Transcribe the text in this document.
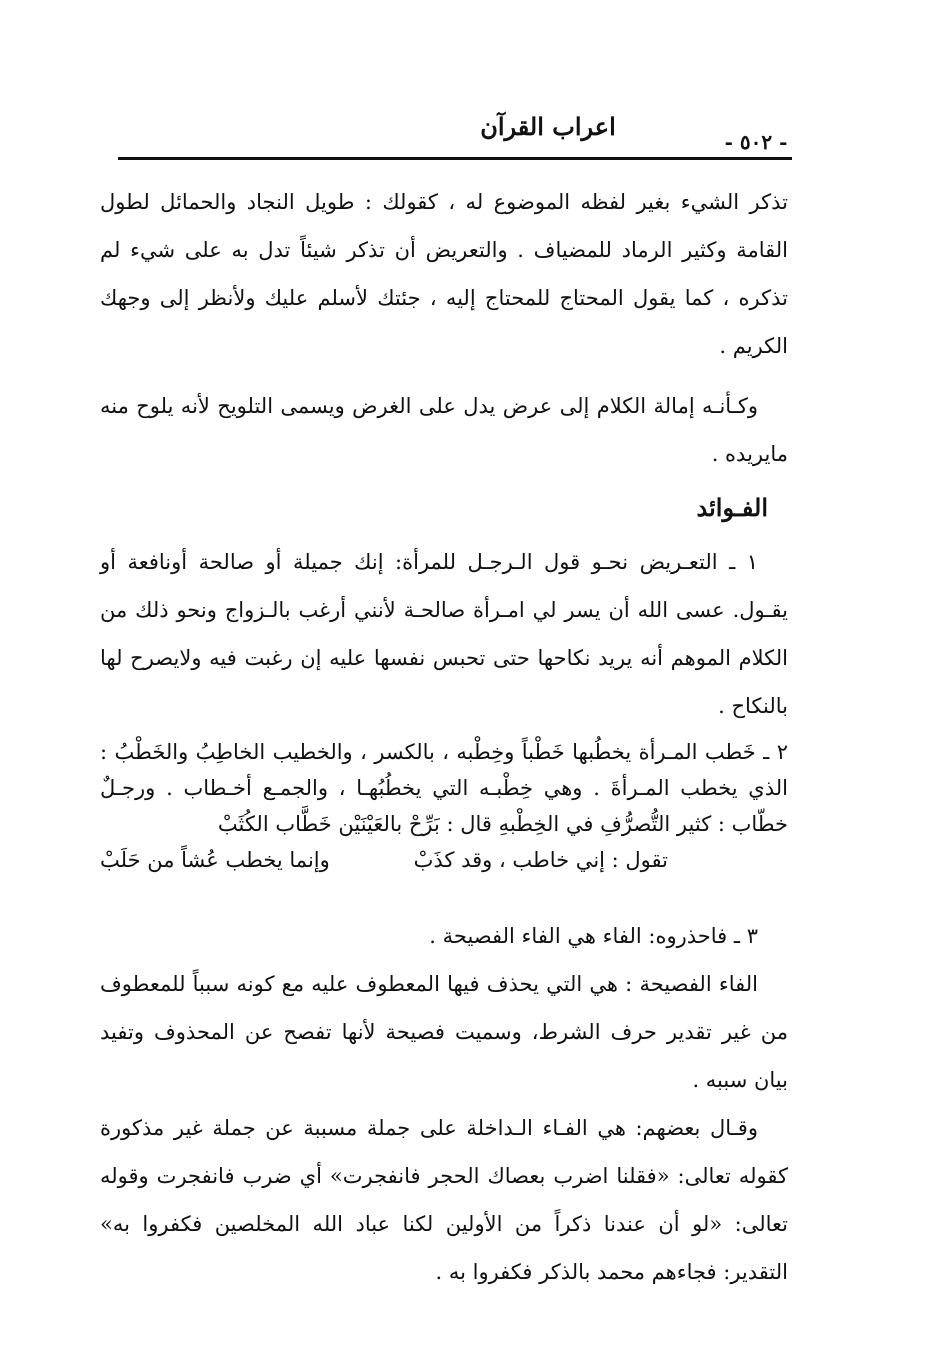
اعراب القرآن
- ٥٠٢ -

تذكر الشيء بغير لفظه الموضوع له ، كقولك : طويل النجاد والحمائل لطول القامة وكثير الرماد للمضياف . والتعريض أن تذكر شيئاً تدل به على شيء لم تذكره ، كما يقول المحتاج للمحتاج إليه ، جئتك لأسلم عليك ولأنظر إلى وجهك الكريم .

وكـأنـه إمالة الكلام إلى عرض يدل على الغرض ويسمى التلويح لأنه يلوح منه مايريده .

الفـوائد

١ ـ التعـريض نحـو قول الـرجـل للمرأة: إنك جميلة أو صالحة أونافعة أو يقـول. عسى الله أن يسر لي امـرأة صالحـة لأنني أرغب بالـزواج ونحو ذلك من الكلام الموهم أنه يريد نكاحها حتى تحبس نفسها عليه إن رغبت فيه ولايصرح لها بالنكاح .

٢ ـ خَطب المـرأة يخطُبها خَطْباً وخِطْبه ، بالكسر ، والخطيب الخاطِبُ والخَطْبُ : الذي يخطب المـرأةَ . وهي خِطْبـه التي يخطُبُهـا ، والجمـع أخـطاب . ورجـلٌ خطّاب : كثير التُّصرُّفِ في الخِطْبهِ قال : بَرِّحْ بالعَيْنَيْن خَطَّاب الكُثَبْ

تقول : إني خاطب ، وقد كذَبْ
وإنما يخطب عُشاً من حَلَبْ

٣ ـ فاحذروه: الفاء هي الفاء الفصيحة .

الفاء الفصيحة : هي التي يحذف فيها المعطوف عليه مع كونه سبباً للمعطوف من غير تقدير حرف الشرط، وسميت فصيحة لأنها تفصح عن المحذوف وتفيد بيان سببه .

وقـال بعضهم: هي الفـاء الـداخلة على جملة مسببة عن جملة غير مذكورة كقوله تعالى: «فقلنا اضرب بعصاك الحجر فانفجرت» أي ضرب فانفجرت وقوله تعالى: «لو أن عندنا ذكراً من الأولين لكنا عباد الله المخلصين فكفروا به» التقدير: فجاءهم محمد بالذكر فكفروا به .
